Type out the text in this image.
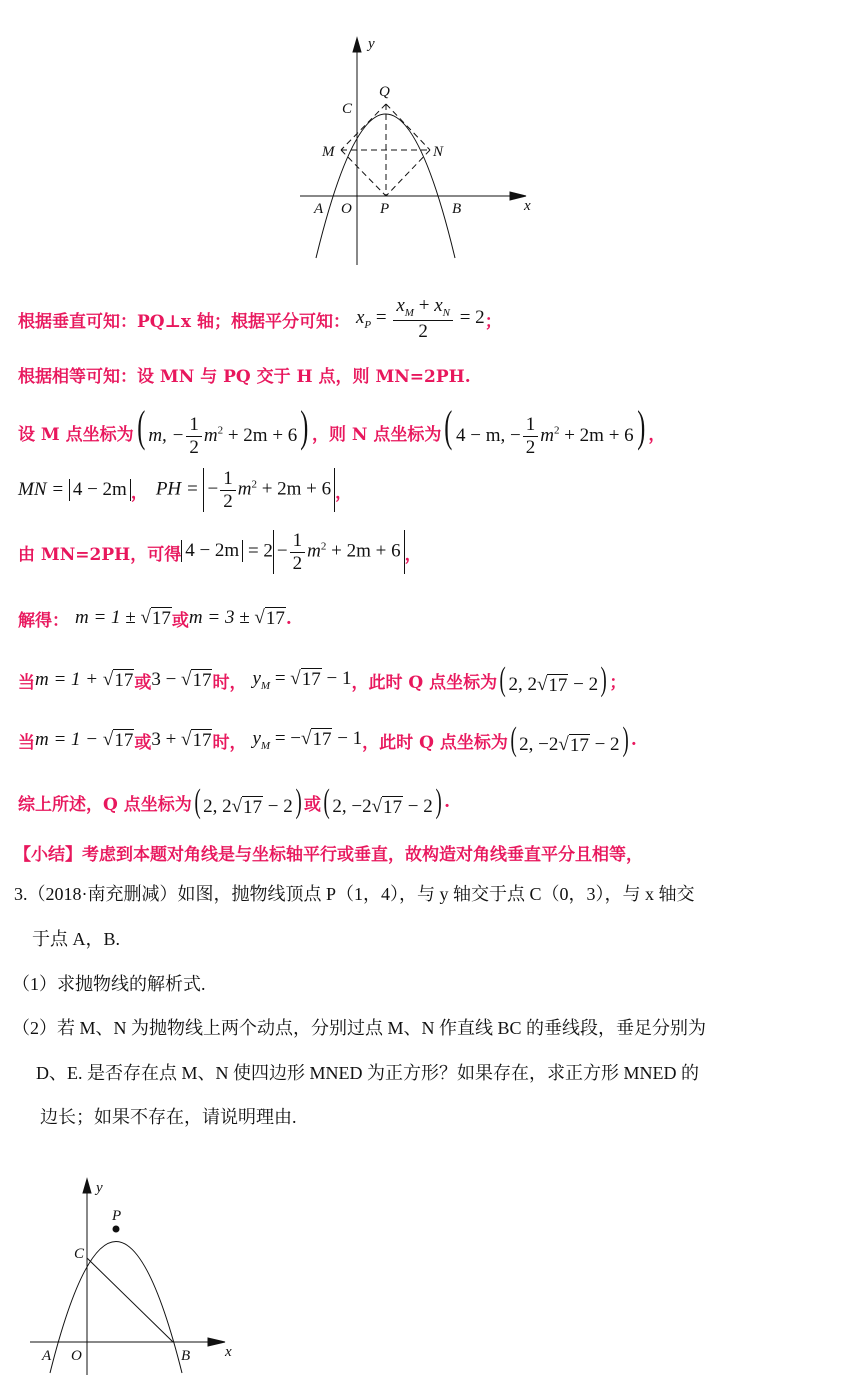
y
x
C
Q
M	N
A O P	B
根据垂直可知：PQ⊥x 轴；根据平分可知： $x_P = \frac{x_M + x_N}{2} = 2$ ；
根据相等可知：设 MN 与 PQ 交于 H 点，则 MN=2PH.
设 M 点坐标为 ( m, − $\frac{1}{2} m^2 + 2m + 6$) ，则 N 点坐标为 ( 4 − m, − $\frac{1}{2} m^2 + 2m + 6$) ，
MN = 4 − 2m ， PH = − $\frac{1}{2} m^2 + 2m + 6$ ，
由 MN=2PH，可得 $4 - 2m = 2 - \frac{1}{2} m^2 + 2m + 6$ ，
解得： m = 1 ± √ 17 或 m = 3 ± √ 17 .
当 m = 1 + √ 17 或 3 − √ 17 时， $y_M$ = √ 17 − 1 ，此时 Q 点坐标为 ( 2, 2√ 17 − 2) ；
当 m = 1 − √ 17 或 3 + √ 17 时， $y_M$ = −√ 17 − 1 ，此时 Q 点坐标为 ( 2, −2√ 17 − 2) .
综上所述，Q 点坐标为 ( 2, 2√ 17 − 2) 或 ( 2, −2√ 17 − 2) .
【小结】考虑到本题对角线是与坐标轴平行或垂直，故构造对角线垂直平分且相等，
3.（2018·南充删减）如图，抛物线顶点 P（1，4），与 y 轴交于点 C（0，3），与 x 轴交
于点 A，B.
（1）求抛物线的解析式.
（2）若 M、N 为抛物线上两个动点，分别过点 M、N 作直线 BC 的垂线段，垂足分别为
D、E. 是否存在点 M、N 使四边形 MNED 为正方形？如果存在，求正方形 MNED 的
边长；如果不存在，请说明理由.
y
x
P
C
A O	B
